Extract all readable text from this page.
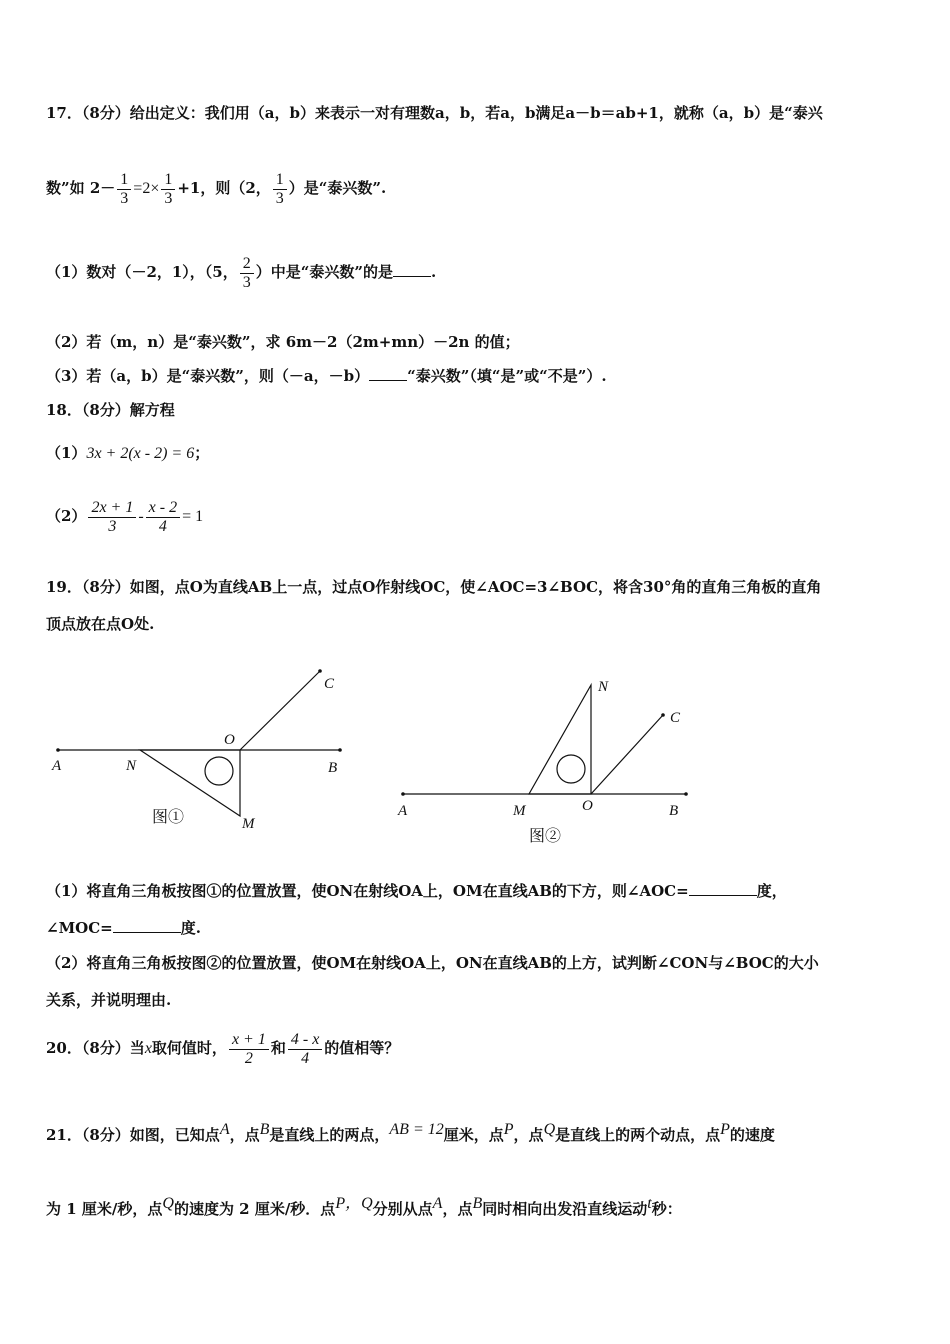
17．（8分）给出定义：我们用（a，b）来表示一对有理数a，b，若a，b满足a－b＝ab+1，就称（a，b）是“泰兴
数”如 $2- \frac{1}{3} =2\times \frac{1}{3} +1$，则（2， $\frac{1}{3}$ ）是“泰兴数”.
（1）数对（－2，1），（5， $\frac{2}{3}$ ）中是“泰兴数”的是	.
（2）若（m，n）是“泰兴数”，求 6m－2（2m+mn）－2n 的值；
（3）若（a，b）是“泰兴数”，则（－a，－b）	“泰兴数”（填“是”或“不是”）.
18．（8分）解方程
（1）3x + 2(x - 2) = 6；
$(2) \frac{2x + 1}{3} - \frac{x - 2}{4} = 1$
19．（8分）如图，点O为直线AB上一点，过点O作射线OC，使∠AOC=3∠BOC，将含30°角的直角三角板的直角
顶点放在点O处.
A	N
O
B
C
M
图①	A	M	O	B
C
N
图②
（1）将直角三角板按图①的位置放置，使ON在射线OA上，OM在直线AB的下方，则∠AOC=	度，
∠MOC=	度.
（2）将直角三角板按图②的位置放置，使OM在射线OA上，ON在直线AB的上方，试判断∠CON与∠BOC的大小
关系，并说明理由.
20．（8分）当x取何值时， $\frac{x + 1}{2}$ 和 $\frac{4 - x}{4}$ 的值相等？
21．（8分）如图，已知点$^A$，点$^B$是直线上的两点，$^{AB = 12}$厘米，点$^P$，点$^Q$是直线上的两个动点，点$^P$的速度
为 1 厘米/秒，点$^Q$的速度为 2 厘米/秒．点$^{P,Q}$分别从点$^A$，点$^B$同时相向出发沿直线运动$^t$秒：
